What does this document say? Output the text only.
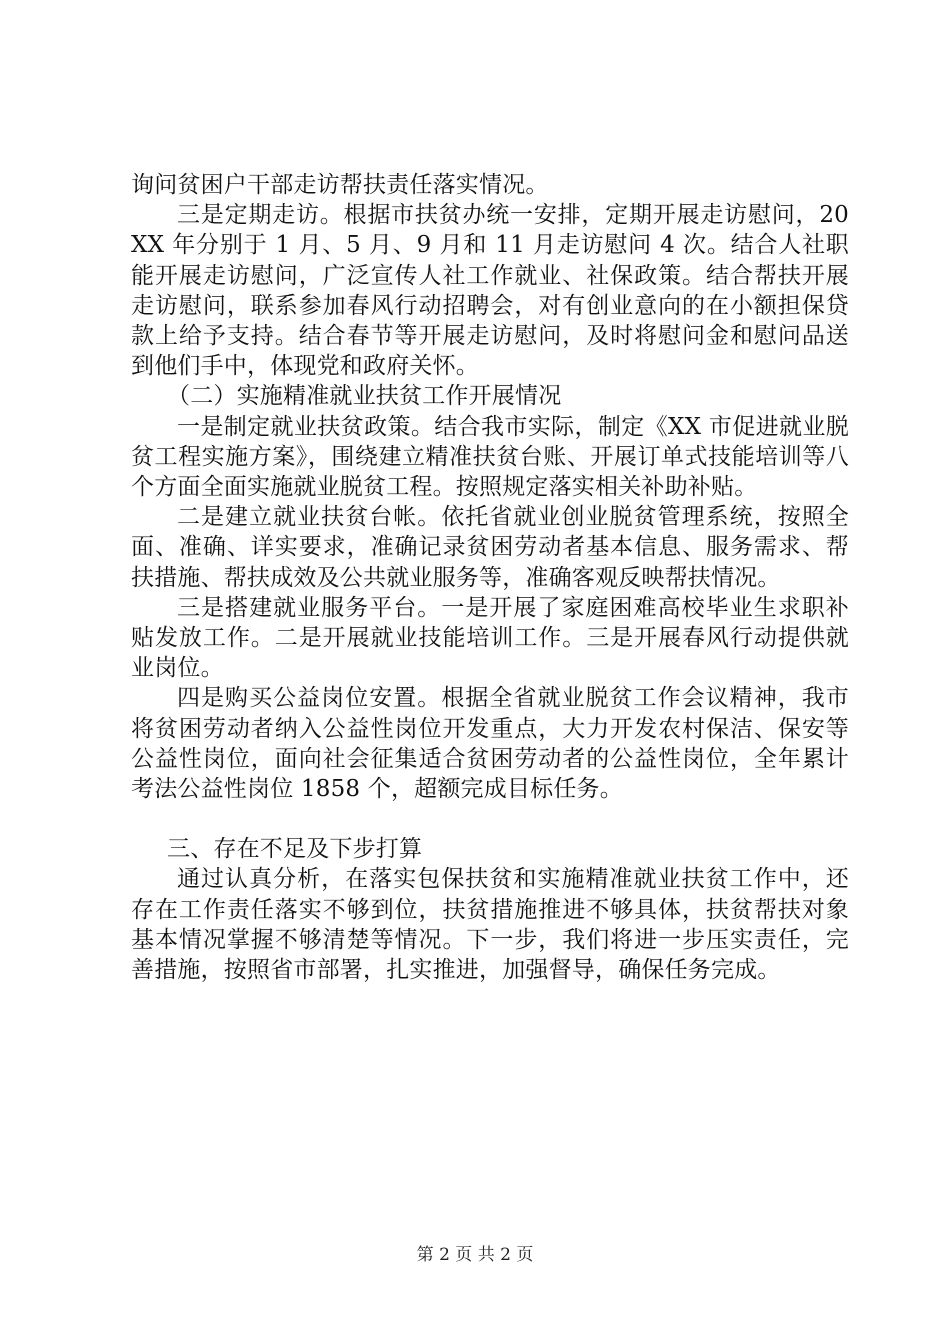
询问贫困户干部走访帮扶责任落实情况。

三是定期走访。根据市扶贫办统一安排，定期开展走访慰问，20XX 年分别于 1 月、5 月、9 月和 11 月走访慰问 4 次。结合人社职能开展走访慰问，广泛宣传人社工作就业、社保政策。结合帮扶开展走访慰问，联系参加春风行动招聘会，对有创业意向的在小额担保贷款上给予支持。结合春节等开展走访慰问，及时将慰问金和慰问品送到他们手中，体现党和政府关怀。

（二）实施精准就业扶贫工作开展情况

一是制定就业扶贫政策。结合我市实际，制定《XX 市促进就业脱贫工程实施方案》，围绕建立精准扶贫台账、开展订单式技能培训等八个方面全面实施就业脱贫工程。按照规定落实相关补助补贴。

二是建立就业扶贫台帐。依托省就业创业脱贫管理系统，按照全面、准确、详实要求，准确记录贫困劳动者基本信息、服务需求、帮扶措施、帮扶成效及公共就业服务等，准确客观反映帮扶情况。

三是搭建就业服务平台。一是开展了家庭困难高校毕业生求职补贴发放工作。二是开展就业技能培训工作。三是开展春风行动提供就业岗位。

四是购买公益岗位安置。根据全省就业脱贫工作会议精神，我市将贫困劳动者纳入公益性岗位开发重点，大力开发农村保洁、保安等公益性岗位，面向社会征集适合贫困劳动者的公益性岗位，全年累计考法公益性岗位 1858 个，超额完成目标任务。

三、存在不足及下步打算

通过认真分析，在落实包保扶贫和实施精准就业扶贫工作中，还存在工作责任落实不够到位，扶贫措施推进不够具体，扶贫帮扶对象基本情况掌握不够清楚等情况。下一步，我们将进一步压实责任，完善措施，按照省市部署，扎实推进，加强督导，确保任务完成。

第 2 页 共 2 页
